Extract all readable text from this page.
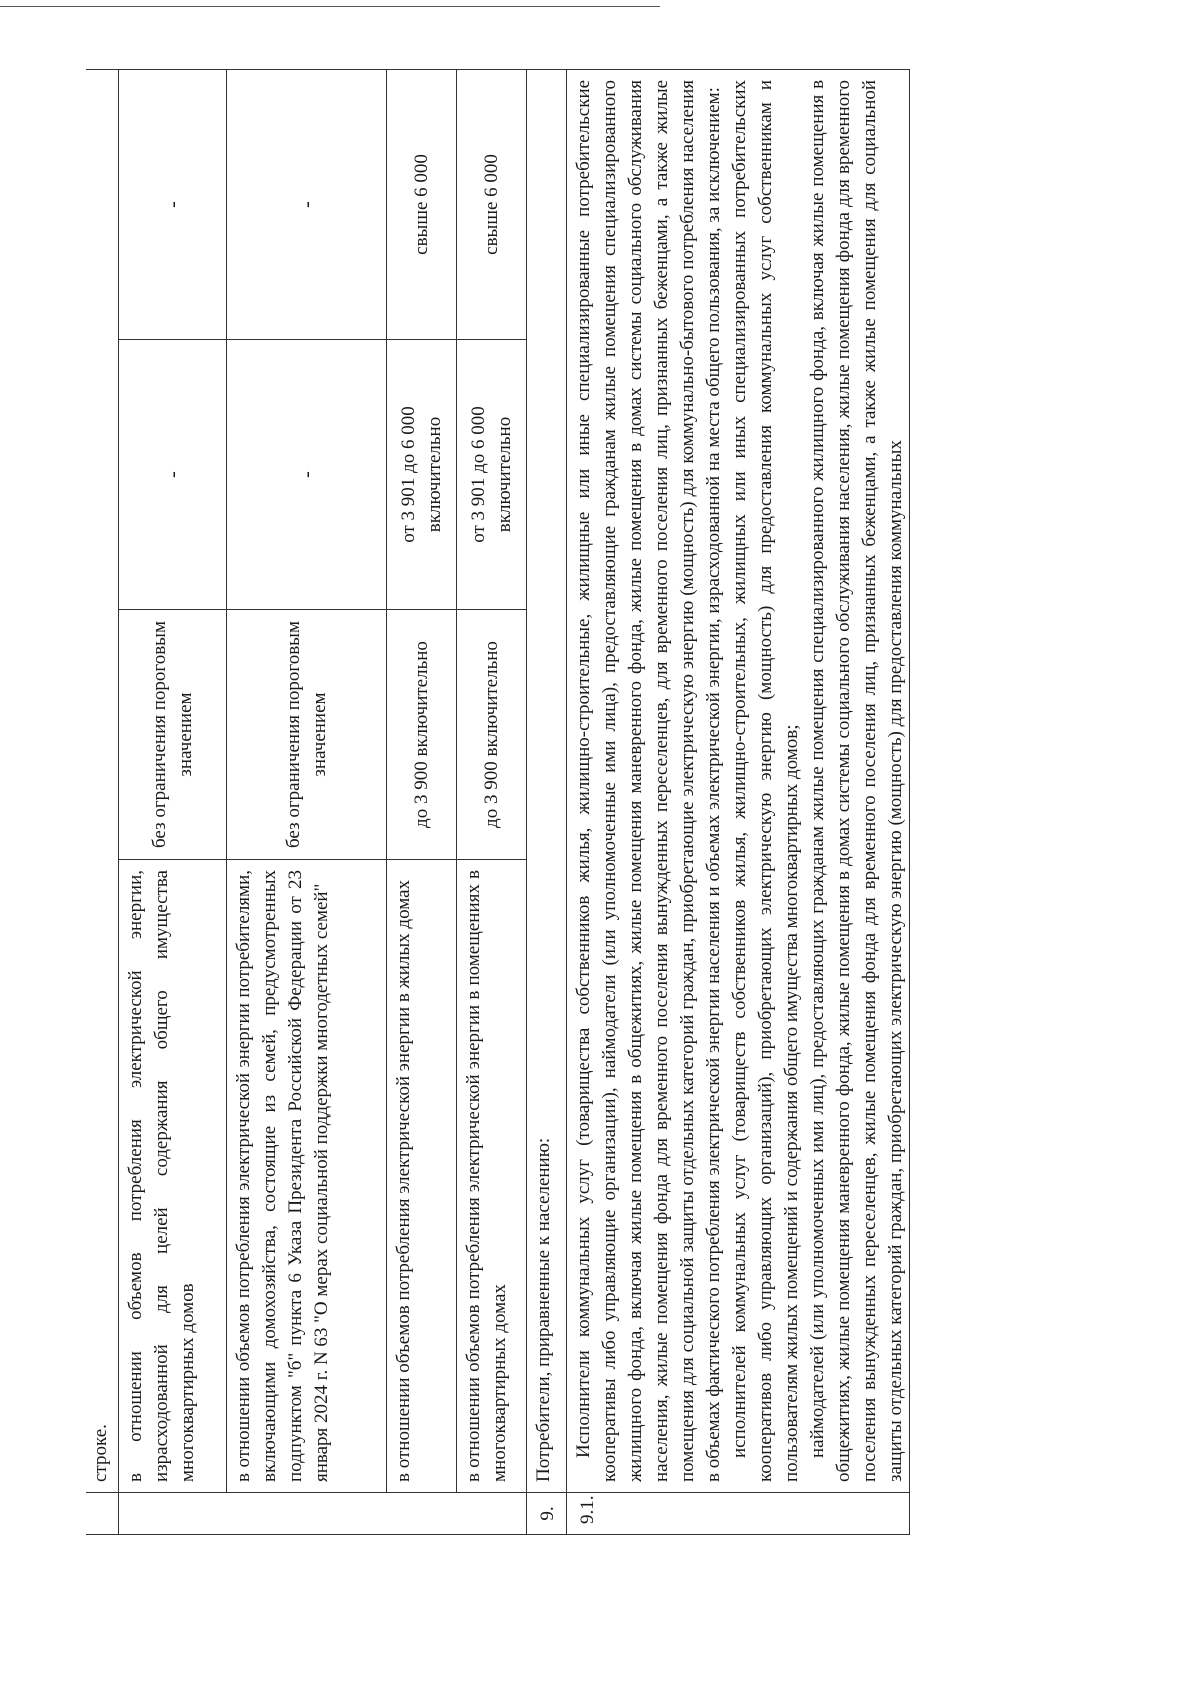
	строке.			
	в отношении объемов потребления электрической энергии, израсходованной для целей содержания общего имущества многоквартирных домов	без ограничения пороговым значением	-	-
	в отношении объемов потребления электрической энергии потребителями, включающими домохозяйства, состоящие из семей, предусмотренных подпунктом "б" пункта 6 Указа Президента Российской Федерации от 23 января 2024 г. N 63 "О мерах социальной поддержки многодетных семей"	без ограничения пороговым значением	-	-
	в отношении объемов потребления электрической энергии в жилых домах	до 3 900 включительно	от 3 901 до 6 000 включительно	свыше 6 000
	в отношении объемов потребления электрической энергии в помещениях в многоквартирных домах	до 3 900 включительно	от 3 901 до 6 000 включительно	свыше 6 000
9.	Потребители, приравненные к населению:			
9.1.	Исполнители коммунальных услуг (товарищества собственников жилья, жилищно-строительные, жилищные или иные специализированные потребительские кооперативы либо управляющие организации), наймодатели (или уполномоченные ими лица), предоставляющие гражданам жилые помещения специализированного жилищного фонда, включая жилые помещения в общежитиях, жилые помещения маневренного фонда, жилые помещения в домах системы социального обслуживания населения, жилые помещения фонда для временного поселения вынужденных переселенцев, для временного поселения лиц, признанных беженцами, а также жилые помещения для социальной защиты отдельных категорий граждан, приобретающие электрическую энергию (мощность) для коммунально-бытового потребления населения в объемах фактического потребления электрической энергии населения и объемах электрической энергии, израсходованной на места общего пользования, за исключением: исполнителей коммунальных услуг (товариществ собственников жилья, жилищно-строительных, жилищных или иных специализированных потребительских кооперативов либо управляющих организаций), приобретающих электрическую энергию (мощность) для предоставления коммунальных услуг собственникам и пользователям жилых помещений и содержания общего имущества многоквартирных домов; наймодателей (или уполномоченных ими лиц), предоставляющих гражданам жилые помещения специализированного жилищного фонда, включая жилые помещения в общежитиях, жилые помещения маневренного фонда, жилые помещения в домах системы социального обслуживания населения, жилые помещения фонда для временного поселения вынужденных переселенцев, жилые помещения фонда для временного поселения лиц, признанных беженцами, а также жилые помещения для социальной защиты отдельных категорий граждан, приобретающих электрическую энергию (мощность) для предоставления коммунальных			
